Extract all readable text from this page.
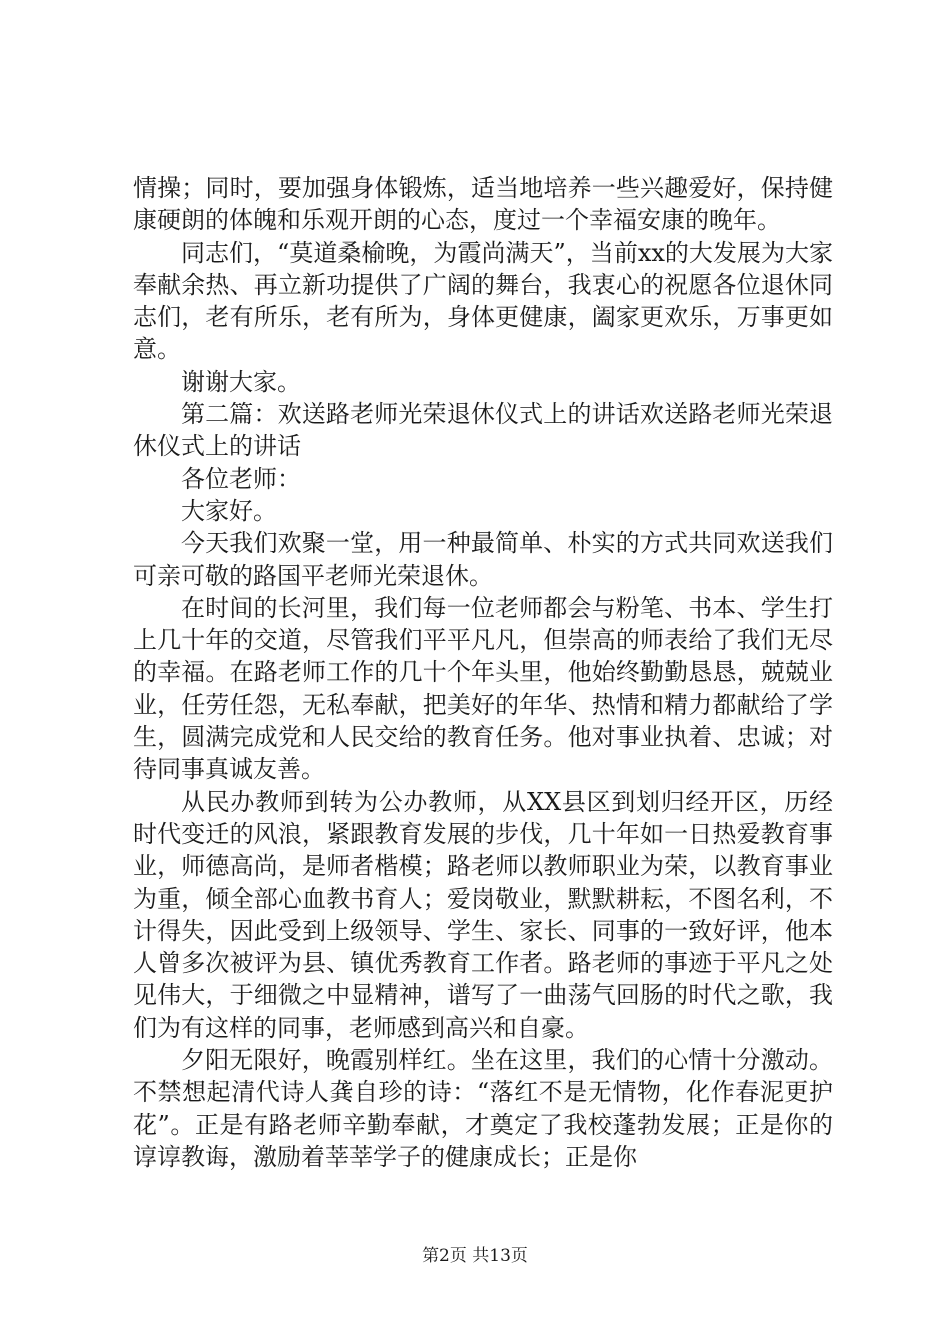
情操；同时，要加强身体锻炼，适当地培养一些兴趣爱好，保持健康硬朗的体魄和乐观开朗的心态，度过一个幸福安康的晚年。

同志们，“莫道桑榆晚，为霞尚满天”，当前xx的大发展为大家奉献余热、再立新功提供了广阔的舞台，我衷心的祝愿各位退休同志们，老有所乐，老有所为，身体更健康，阖家更欢乐，万事更如意。

谢谢大家。

第二篇：欢送路老师光荣退休仪式上的讲话欢送路老师光荣退休仪式上的讲话

各位老师：

大家好。

今天我们欢聚一堂，用一种最简单、朴实的方式共同欢送我们可亲可敬的路国平老师光荣退休。

在时间的长河里，我们每一位老师都会与粉笔、书本、学生打上几十年的交道，尽管我们平平凡凡，但崇高的师表给了我们无尽的幸福。在路老师工作的几十个年头里，他始终勤勤恳恳，兢兢业业，任劳任怨，无私奉献，把美好的年华、热情和精力都献给了学生，圆满完成党和人民交给的教育任务。他对事业执着、忠诚；对待同事真诚友善。

从民办教师到转为公办教师，从XX县区到划归经开区，历经时代变迁的风浪，紧跟教育发展的步伐，几十年如一日热爱教育事业，师德高尚，是师者楷模；路老师以教师职业为荣，以教育事业为重，倾全部心血教书育人；爱岗敬业，默默耕耘，不图名利，不计得失，因此受到上级领导、学生、家长、同事的一致好评，他本人曾多次被评为县、镇优秀教育工作者。路老师的事迹于平凡之处见伟大，于细微之中显精神，谱写了一曲荡气回肠的时代之歌，我们为有这样的同事，老师感到高兴和自豪。

夕阳无限好，晚霞别样红。坐在这里，我们的心情十分激动。不禁想起清代诗人龚自珍的诗：“落红不是无情物，化作春泥更护花”。正是有路老师辛勤奉献，才奠定了我校蓬勃发展；正是你的谆谆教诲，激励着莘莘学子的健康成长；正是你

第2页 共13页
